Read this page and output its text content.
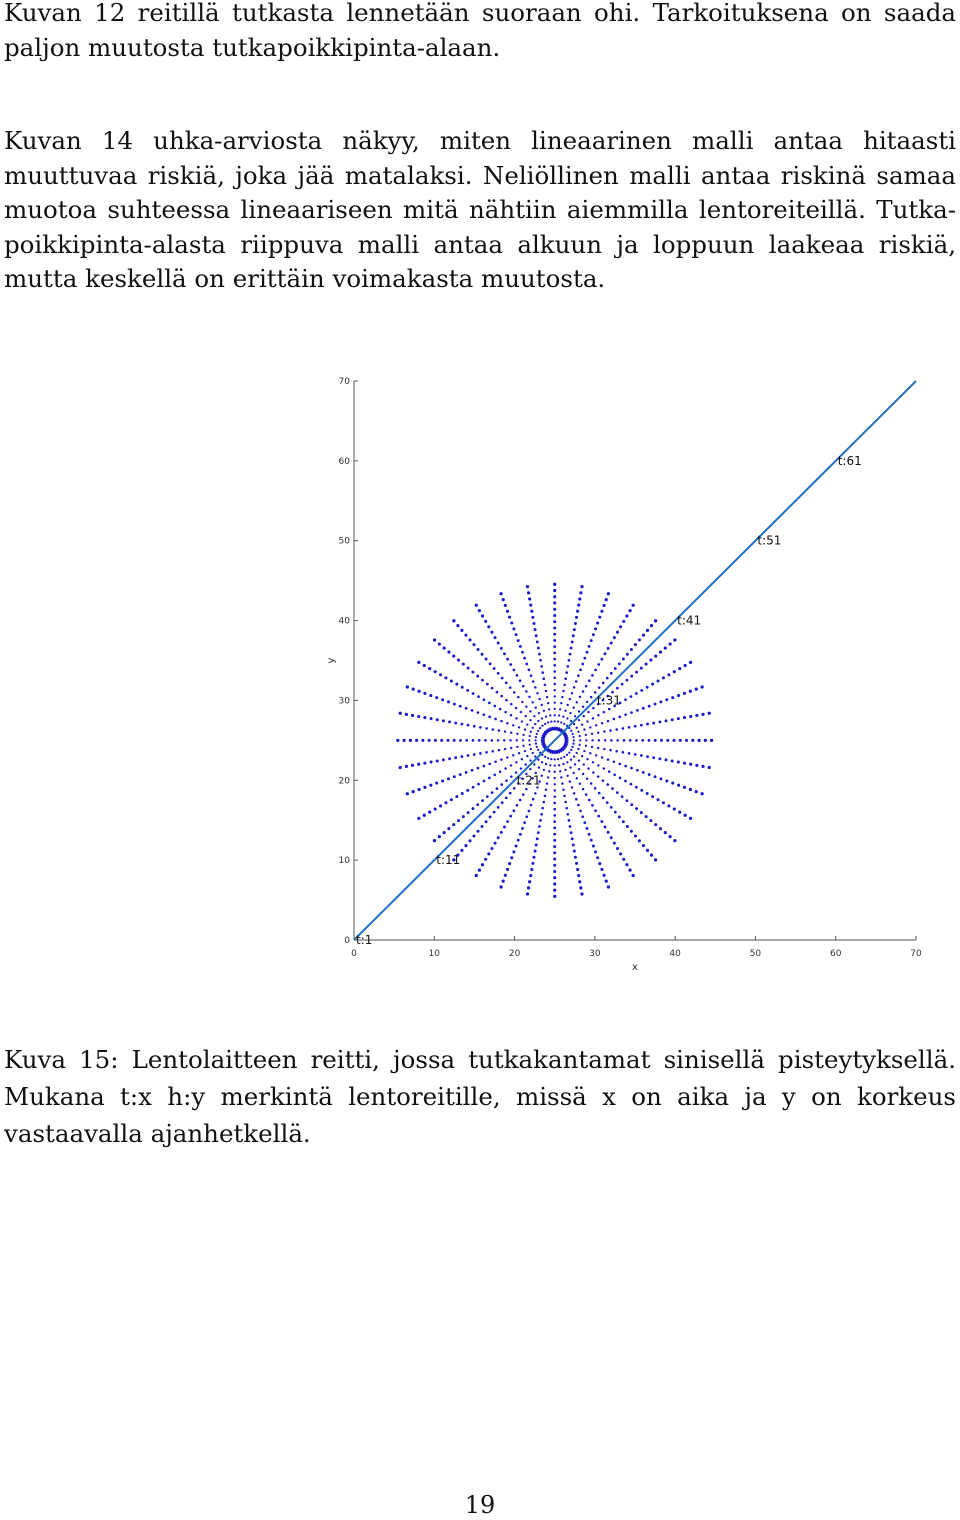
Kuvan 12 reitillä tutkasta lennetään suoraan ohi. Tarkoituksena on saada paljon muutosta tutkapoikkipinta-alaan.

Kuvan 14 uhka-arviosta näkyy, miten lineaarinen malli antaa hitaasti muuttuvaa riskiä, joka jää matalaksi. Neliöllinen malli antaa riskinä samaa muotoa suhteessa lineaariseen mitä nähtiin aiemmilla lentoreiteillä. Tutkapoikkipinta-alasta riippuva malli antaa alkuun ja loppuun laakeaa riskiä, mutta keskellä on erittäin voimakasta muutosta.

0	10	20	30	40	50	60	70
0
10
20
30
40
50
60
70
x
y
t:1
t:11
t:21
t:31
t:41
t:51
t:61

Kuva 15: Lentolaitteen reitti, jossa tutkakantamat sinisellä pisteytyksellä. Mukana t:x h:y merkintä lentoreitille, missä x on aika ja y on korkeus vastaavalla ajanhetkellä.

19
